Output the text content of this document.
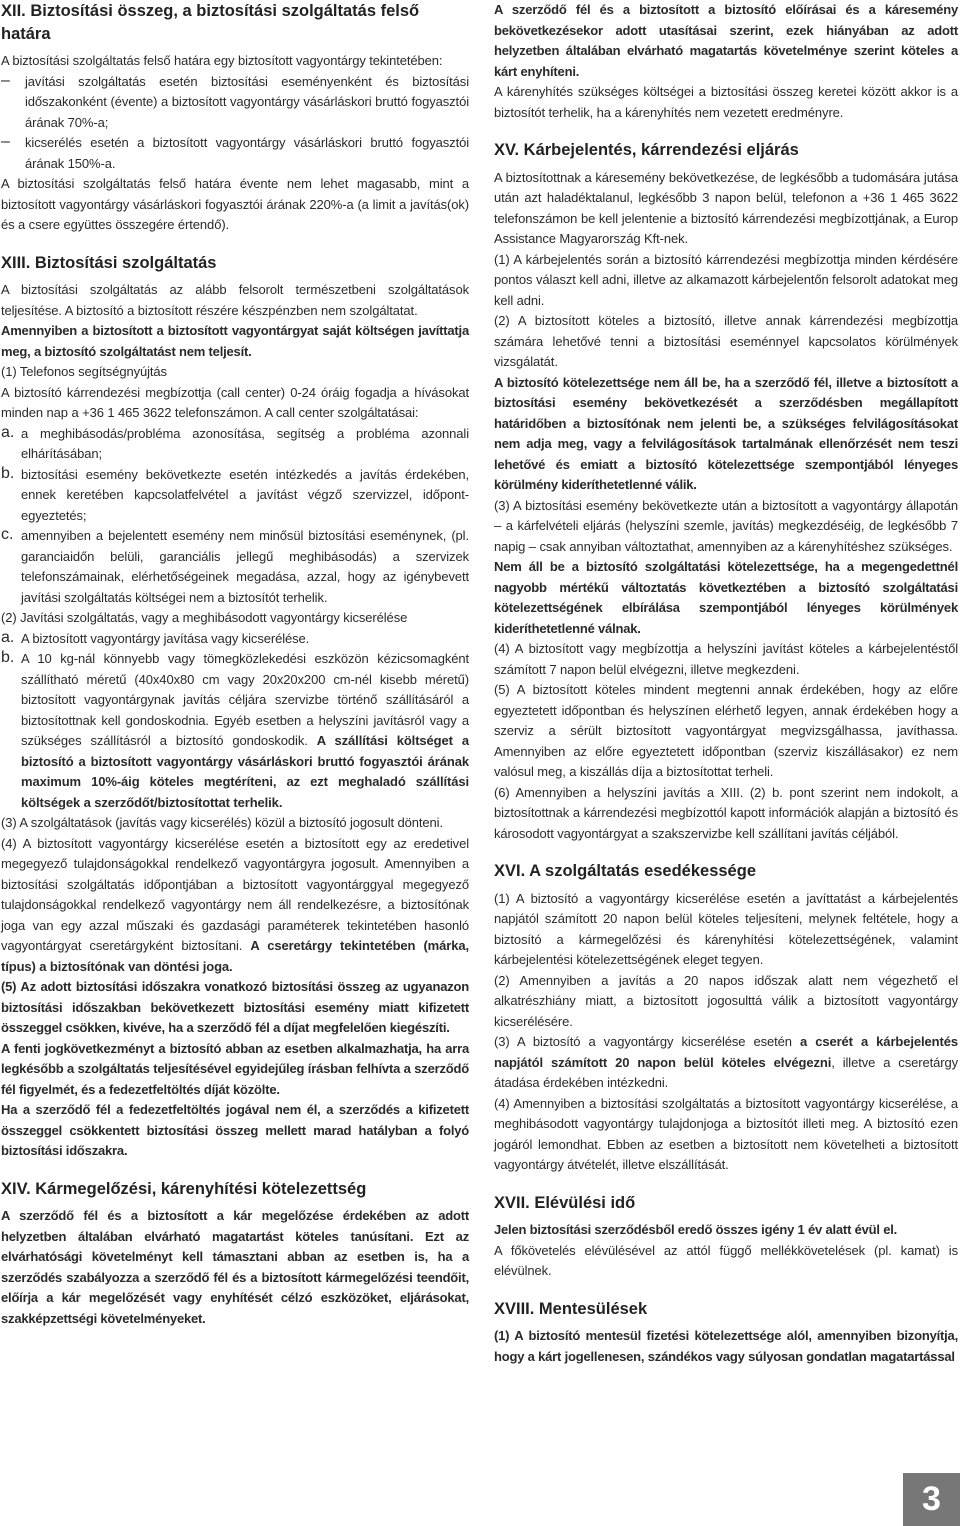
XII. Biztosítási összeg, a biztosítási szolgáltatás felső határa

A biztosítási szolgáltatás felső határa egy biztosított vagyontárgy tekintetében:

–	javítási szolgáltatás esetén biztosítási eseményenként és biztosítási időszakonként (évente) a biztosított vagyontárgy vásárláskori bruttó fogyasztói árának 70%-a;

–	kicserélés esetén a biztosított vagyontárgy vásárláskori bruttó fogyasztói árának 150%-a.

A biztosítási szolgáltatás felső határa évente nem lehet magasabb, mint a biztosított vagyontárgy vásárláskori fogyasztói árának 220%-a (a limit a javítás(ok) és a csere együttes összegére értendő).

XIII. Biztosítási szolgáltatás

A biztosítási szolgáltatás az alább felsorolt természetbeni szolgáltatások teljesítése. A biztosító a biztosított részére készpénzben nem szolgáltatat.

Amennyiben a biztosított a biztosított vagyontárgyat saját költségen javíttatja meg, a biztosító szolgáltatást nem teljesít.

(1) Telefonos segítségnyújtás

A biztosító kárrendezési megbízottja (call center) 0-24 óráig fogadja a hívásokat minden nap a +36 1 465 3622 telefonszámon. A call center szolgáltatásai:

a. a meghibásodás/probléma azonosítása, segítség a probléma azonnali elhárításában;

b. biztosítási esemény bekövetkezte esetén intézkedés a javítás érdekében, ennek keretében kapcsolatfelvétel a javítást végző szervizzel, időpont-egyeztetés;

c. amennyiben a bejelentett esemény nem minősül biztosítási eseménynek, (pl. garanciaidőn belüli, garanciális jellegű meghibásodás) a szervizek telefonszámainak, elérhetőségeinek megadása, azzal, hogy az igénybevett javítási szolgáltatás költségei nem a biztosítót terhelik.

(2) Javítási szolgáltatás, vagy a meghibásodott vagyontárgy kicserélése

a. A biztosított vagyontárgy javítása vagy kicserélése.

b. A 10 kg-nál könnyebb vagy tömegközlekedési eszközön kézicsomagként szállítható méretű (40x40x80 cm vagy 20x20x200 cm-nél kisebb méretű) biztosított vagyontárgynak javítás céljára szervizbe történő szállításáról a biztosítottnak kell gondoskodnia. Egyéb esetben a helyszíni javításról vagy a szükséges szállításról a biztosító gondoskodik. A szállítási költséget a biztosító a biztosított vagyontárgy vásárláskori bruttó fogyasztói árának maximum 10%-áig köteles megtéríteni, az ezt meghaladó szállítási költségek a szerződőt/biztosítottat terhelik.

(3) A szolgáltatások (javítás vagy kicserélés) közül a biztosító jogosult dönteni.

(4) A biztosított vagyontárgy kicserélése esetén a biztosított egy az eredetivel megegyező tulajdonságokkal rendelkező vagyontárgyra jogosult. Amennyiben a biztosítási szolgáltatás időpontjában a biztosított vagyontárggyal megegyező tulajdonságokkal rendelkező vagyontárgy nem áll rendelkezésre, a biztosítónak joga van egy azzal műszaki és gazdasági paraméterek tekintetében hasonló vagyontárgyat cseretárgyként biztosítani. A cseretárgy tekintetében (márka, típus) a biztosítónak van döntési joga.

(5) Az adott biztosítási időszakra vonatkozó biztosítási összeg az ugyanazon biztosítási időszakban bekövetkezett biztosítási esemény miatt kifizetett összeggel csökken, kivéve, ha a szerződő fél a díjat megfelelően kiegészíti.

A fenti jogkövetkezményt a biztosító abban az esetben alkalmazhatja, ha arra legkésőbb a szolgáltatás teljesítésével egyidejűleg írásban felhívta a szerződő fél figyelmét, és a fedezetfeltöltés díját közölte.

Ha a szerződő fél a fedezetfeltöltés jogával nem él, a szerződés a kifizetett összeggel csökkentett biztosítási összeg mellett marad hatályban a folyó biztosítási időszakra.

XIV. Kármegelőzési, kárenyhítési kötelezettség

A szerződő fél és a biztosított a kár megelőzése érdekében az adott helyzetben általában elvárható magatartást köteles tanúsítani. Ezt az elvárhatósági követelményt kell támasztani abban az esetben is, ha a szerződés szabályozza a szerződő fél és a biztosított kármegelőzési teendőit, előírja a kár megelőzését vagy enyhítését célzó eszközöket, eljárásokat, szakképzettségi követelményeket.

A szerződő fél és a biztosított a biztosító előírásai és a káresemény bekövetkezésekor adott utasításai szerint, ezek hiányában az adott helyzetben általában elvárható magatartás követelménye szerint köteles a kárt enyhíteni.

A kárenyhítés szükséges költségei a biztosítási összeg keretei között akkor is a biztosítót terhelik, ha a kárenyhítés nem vezetett eredményre.

XV. Kárbejelentés, kárrendezési eljárás

A biztosítottnak a káresemény bekövetkezése, de legkésőbb a tudomására jutása után azt haladéktalanul, legkésőbb 3 napon belül, telefonon a +36 1 465 3622 telefonszámon be kell jelentenie a biztosító kárrendezési megbízottjának, a Europ Assistance Magyarország Kft-nek.

(1) A kárbejelentés során a biztosító kárrendezési megbízottja minden kérdésére pontos választ kell adni, illetve az alkamazott kárbejelentőn felsorolt adatokat meg kell adni.

(2) A biztosított köteles a biztosító, illetve annak kárrendezési megbízottja számára lehetővé tenni a biztosítási eseménnyel kapcsolatos körülmények vizsgálatát.

A biztosító kötelezettsége nem áll be, ha a szerződő fél, illetve a biztosított a biztosítási esemény bekövetkezését a szerződésben megállapított határidőben a biztosítónak nem jelenti be, a szükséges felvilágosításokat nem adja meg, vagy a felvilágosítások tartalmának ellenőrzését nem teszi lehetővé és emiatt a biztosító kötelezettsége szempontjából lényeges körülmény kideríthetetlenné válik.

(3) A biztosítási esemény bekövetkezte után a biztosított a vagyontárgy állapotán – a kárfelvételi eljárás (helyszíni szemle, javítás) megkezdéséig, de legkésőbb 7 napig – csak annyiban változtathat, amennyiben az a kárenyhítéshez szükséges.

Nem áll be a biztosító szolgáltatási kötelezettsége, ha a megengedettnél nagyobb mértékű változtatás következtében a biztosító szolgáltatási kötelezettségének elbírálása szempontjából lényeges körülmények kideríthetetlenné válnak.

(4) A biztosított vagy megbízottja a helyszíni javítást köteles a kárbejelentéstől számított 7 napon belül elvégezni, illetve megkezdeni.

(5) A biztosított köteles mindent megtenni annak érdekében, hogy az előre egyeztetett időpontban és helyszínen elérhető legyen, annak érdekében hogy a szerviz a sérült biztosított vagyontárgyat megvizsgálhassa, javíthassa. Amennyiben az előre egyeztetett időpontban (szerviz kiszállásakor) ez nem valósul meg, a kiszállás díja a biztosítottat terheli.

(6) Amennyiben a helyszíni javítás a XIII. (2) b. pont szerint nem indokolt, a biztosítottnak a kárrendezési megbízottól kapott információk alapján a biztosító és károsodott vagyontárgyat a szakszervizbe kell szállítani javítás céljából.

XVI. A szolgáltatás esedékessége

(1) A biztosító a vagyontárgy kicserélése esetén a javíttatást a kárbejelentés napjától számított 20 napon belül köteles teljesíteni, melynek feltétele, hogy a biztosító a kármegelőzési és kárenyhítési kötelezettségének, valamint kárbejelentési kötelezettségének eleget tegyen.

(2) Amennyiben a javítás a 20 napos időszak alatt nem végezhető el alkatrészhiány miatt, a biztosított jogosulttá válik a biztosított vagyontárgy kicserélésére.

(3) A biztosító a vagyontárgy kicserélése esetén a cserét a kárbejelentés napjától számított 20 napon belül köteles elvégezni, illetve a cseretárgy átadása érdekében intézkedni.

(4) Amennyiben a biztosítási szolgáltatás a biztosított vagyontárgy kicserélése, a meghibásodott vagyontárgy tulajdonjoga a biztosítót illeti meg. A biztosító ezen jogáról lemondhat. Ebben az esetben a biztosított nem követelheti a biztosított vagyontárgy átvételét, illetve elszállítását.

XVII. Elévülési idő

Jelen biztosítási szerződésből eredő összes igény 1 év alatt évül el.

A főkövetelés elévülésével az attól függő mellékkövetelések (pl. kamat) is elévülnek.

XVIII. Mentesülések

(1) A biztosító mentesül fizetési kötelezettsége alól, amennyiben bizonyítja, hogy a kárt jogellenesen, szándékos vagy súlyosan gondatlan magatartással

3
